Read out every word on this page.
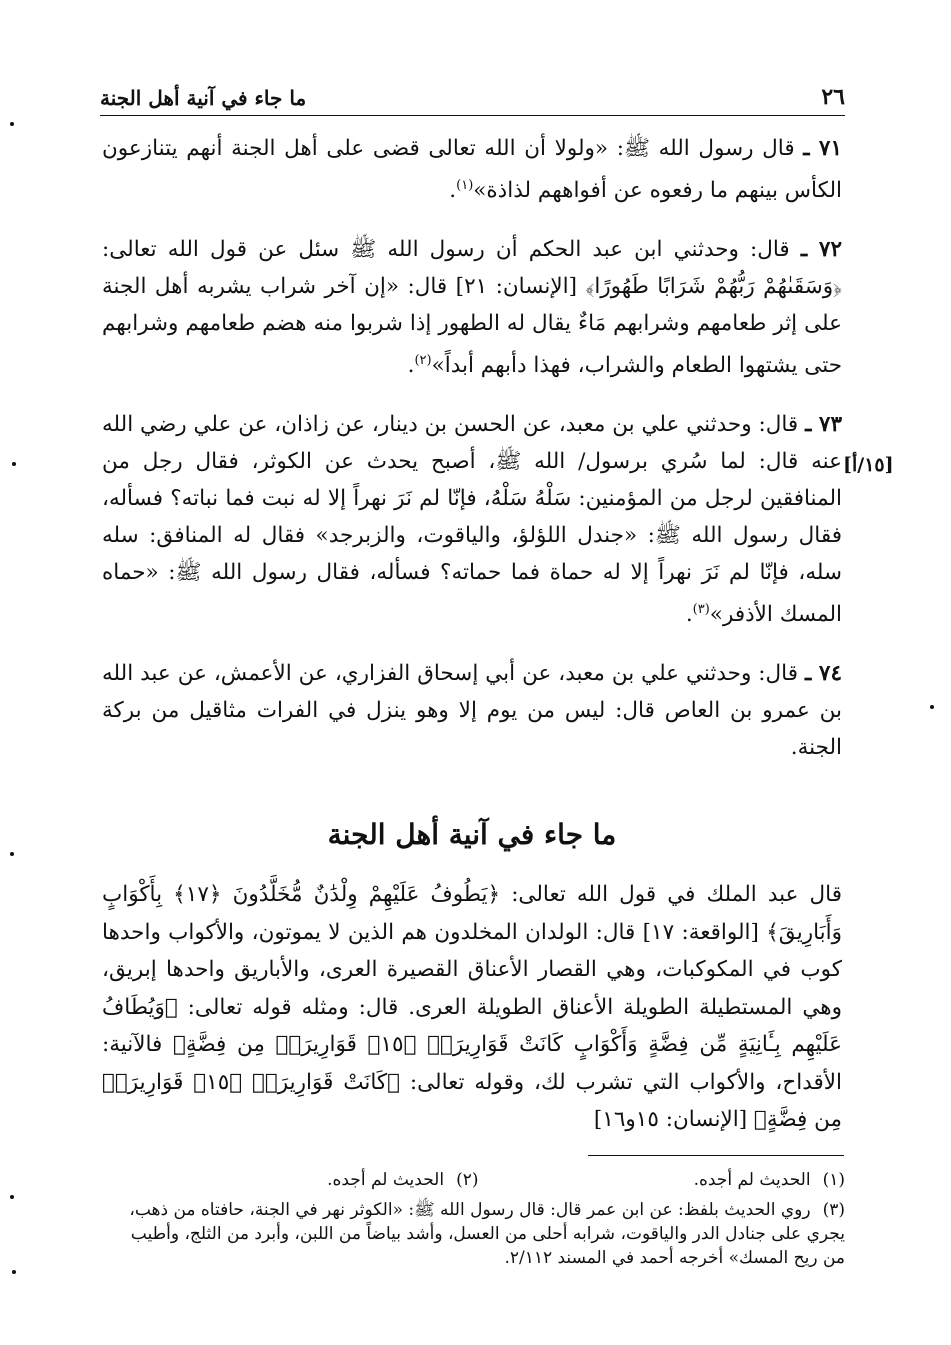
٢٦
ما جاء في آنية أهل الجنة

٧١ ـ قال رسول الله ﷺ: «ولولا أن الله تعالى قضى على أهل الجنة أنهم يتنازعون الكأس بينهم ما رفعوه عن أفواههم لذاذة»$^{(١)}$.

٧٢ ـ قال: وحدثني ابن عبد الحكم أن رسول الله ﷺ سئل عن قول الله تعالى: ﴿وَسَقَىٰهُمْ رَبُّهُمْ شَرَابًا طَهُورًا﴾ [الإنسان: ٢١] قال: «إن آخر شراب يشربه أهل الجنة على إثر طعامهم وشرابهم مَاءٌ يقال له الطهور إذا شربوا منه هضم طعامهم وشرابهم حتى يشتهوا الطعام والشراب، فهذا دأبهم أبداً»$^{(٢)}$.

٧٣ ـ قال: وحدثني علي بن معبد، عن الحسن بن دينار، عن زاذان، عن علي رضي الله عنه قال: لما سُري برسول/ الله ﷺ، أصبح يحدث عن الكوثر، فقال رجل من المنافقين لرجل من المؤمنين: سَلْهُ سَلْهُ، فإنّا لم نَرَ نهراً إلا له نبت فما نباته؟ فسأله، فقال رسول الله ﷺ: «جندل اللؤلؤ، والياقوت، والزبرجد» فقال له المنافق: سله سله، فإنّا لم نَرَ نهراً إلا له حماة فما حماته؟ فسأله، فقال رسول الله ﷺ: «حماه المسك الأذفر»$^{(٣)}$.

٧٤ ـ قال: وحدثني علي بن معبد، عن أبي إسحاق الفزاري، عن الأعمش، عن عبد الله بن عمرو بن العاص قال: ليس من يوم إلا وهو ينزل في الفرات مثاقيل من بركة الجنة.

[١٥/أ]
ما جاء في آنية أهل الجنة

قال عبد الملك في قول الله تعالى: ﴿يَطُوفُ عَلَيْهِمْ وِلْدَٰنٌ مُّخَلَّدُونَ ﴿١٧﴾ بِأَكْوَابٍ وَأَبَارِيقَ﴾ [الواقعة: ١٧] قال: الولدان المخلدون هم الذين لا يموتون، والأكواب واحدها كوب في المكوكبات، وهي القصار الأعناق القصيرة العرى، والأباريق واحدها إبريق، وهي المستطيلة الطويلة الأعناق الطويلة العرى. قال: ومثله قوله تعالى: ﴿وَيُطَافُ عَلَيْهِم بِـَٔانِيَةٍ مِّن فِضَّةٍ وَأَكْوَابٍ كَانَتْ قَوَارِيرَا۠ ﴿١٥﴾ قَوَارِيرَا۟ مِن فِضَّةٍ﴾ فالآنية: الأقداح، والأكواب التي تشرب لك، وقوله تعالى: ﴿كَانَتْ قَوَارِيرَا۠ ﴿١٥﴾ قَوَارِيرَا۟ مِن فِضَّةٍ﴾ [الإنسان: ١٥و١٦]

(١)الحديث لم أجده.
(٢)الحديث لم أجده.
(٣)روي الحديث بلفظ: عن ابن عمر قال: قال رسول الله ﷺ: «الكوثر نهر في الجنة، حافتاه من ذهب، يجري على جنادل الدر والياقوت، شرابه أحلى من العسل، وأشد بياضاً من اللبن، وأبرد من الثلج، وأطيب من ريح المسك» أخرجه أحمد في المسند ٢/١١٢.
